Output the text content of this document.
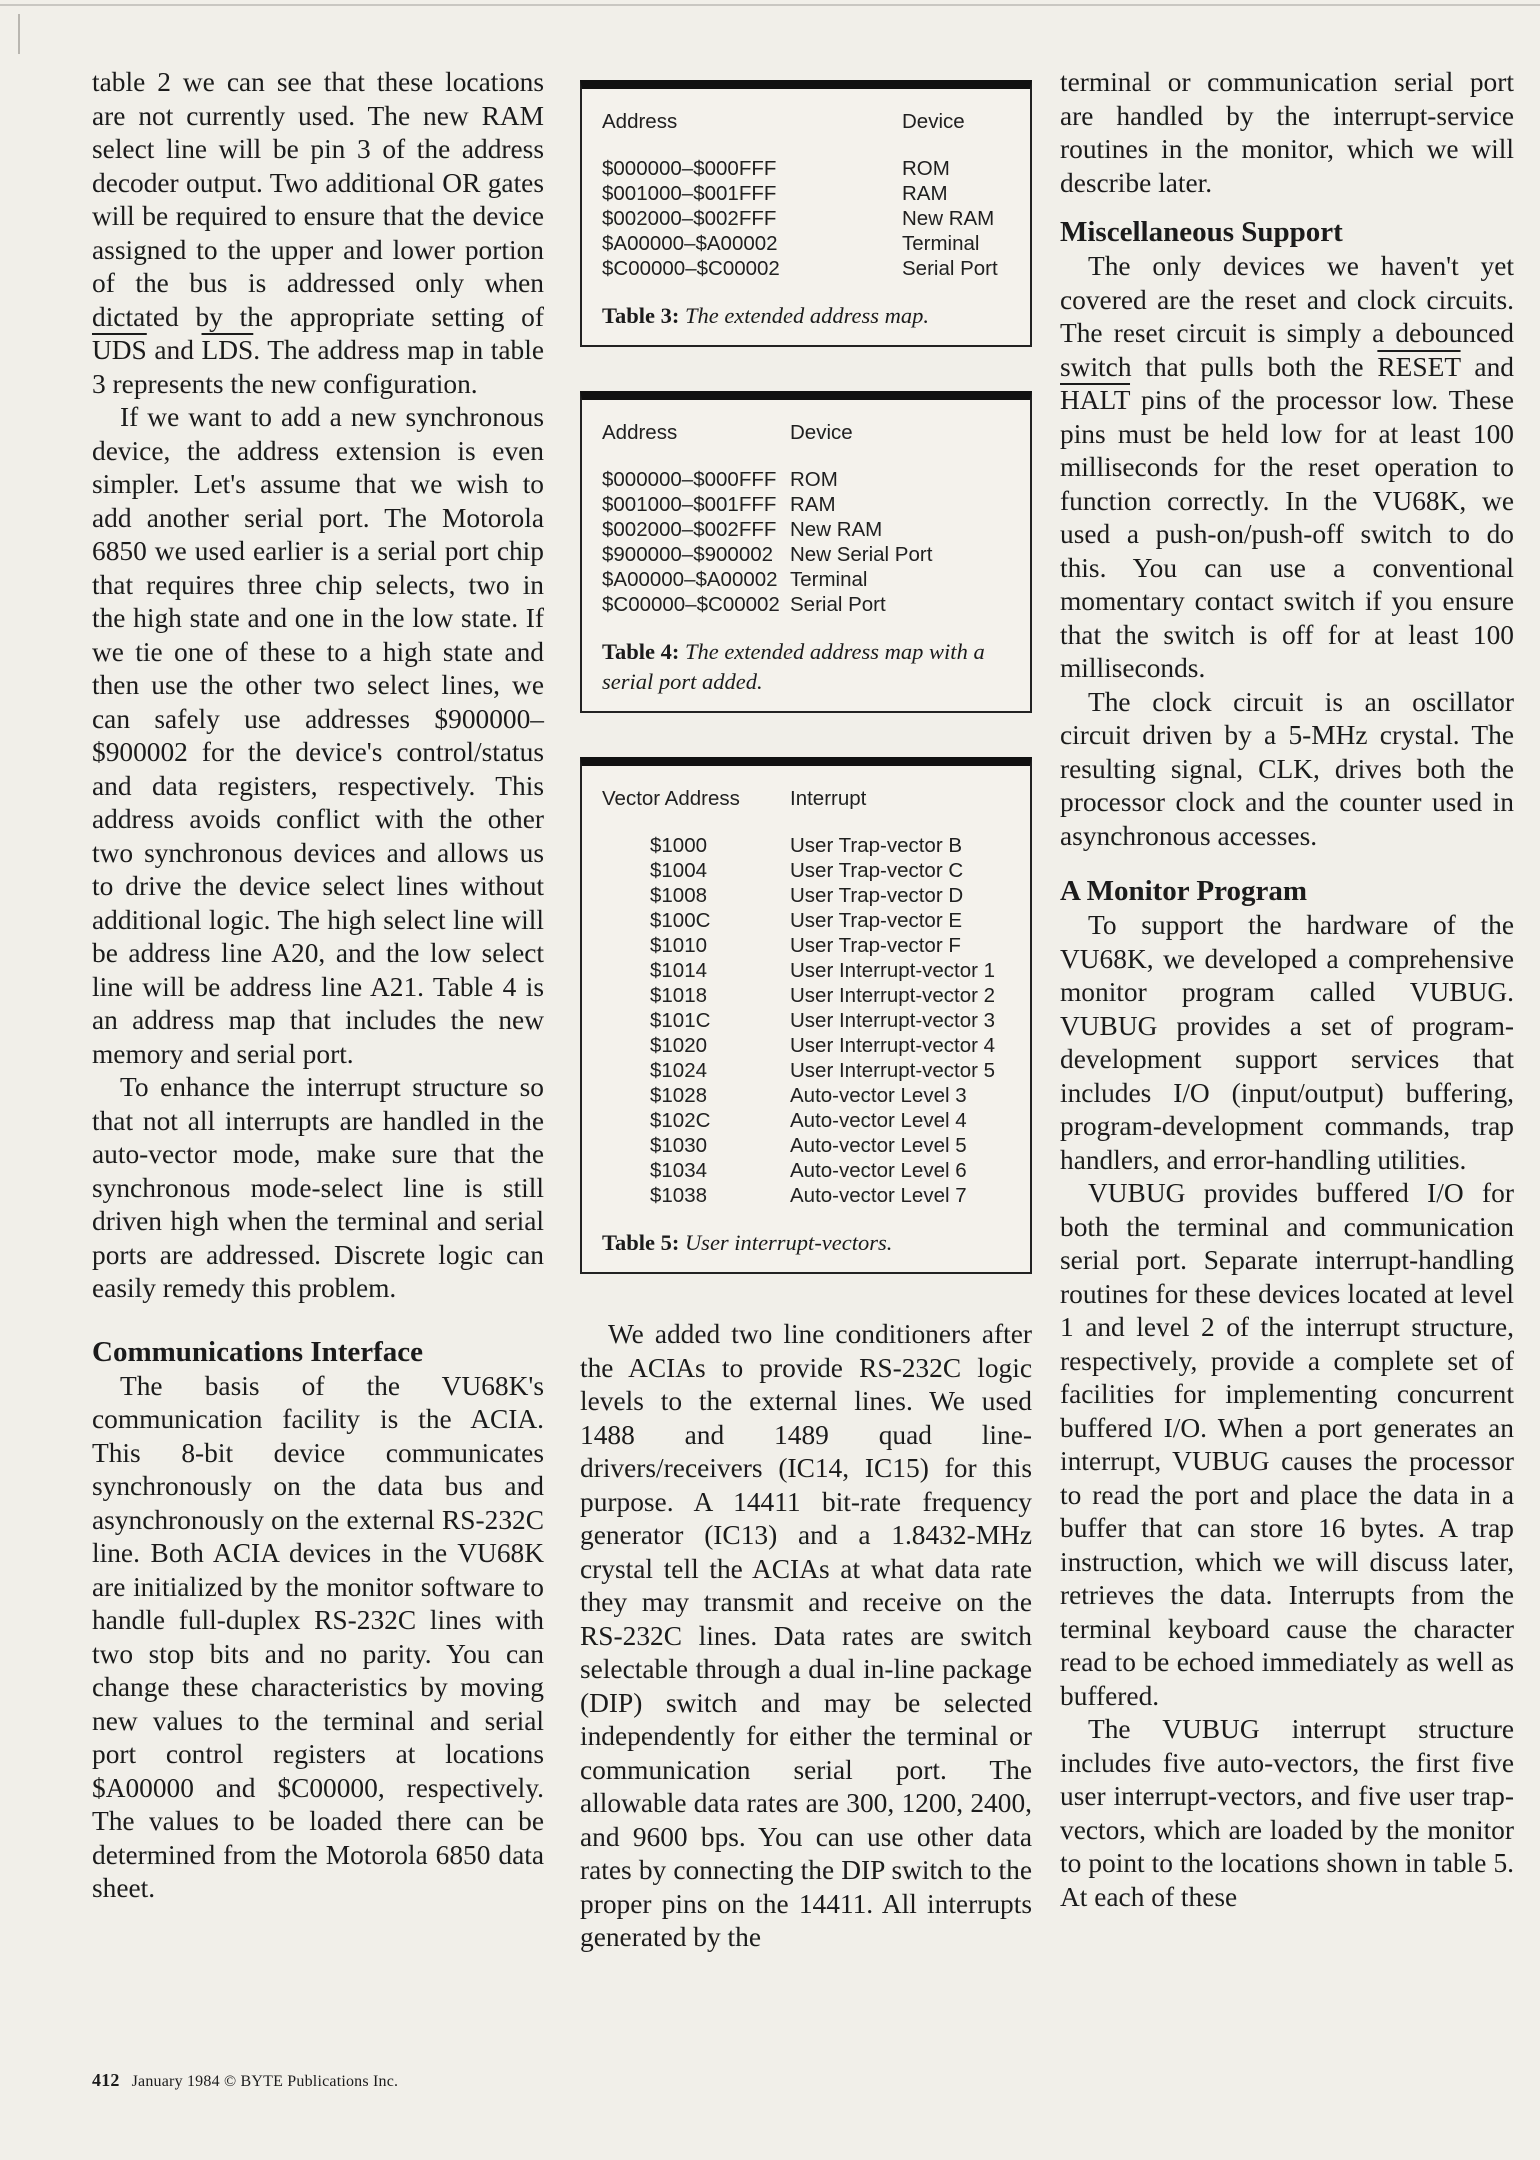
table 2 we can see that these locations are not currently used. The new RAM select line will be pin 3 of the address decoder output. Two additional OR gates will be required to ensure that the device assigned to the upper and lower portion of the bus is addressed only when dictated by the appropriate setting of $\overline{UDS}$ and $\overline{LDS}$. The address map in table 3 represents the new configuration.

If we want to add a new synchronous device, the address extension is even simpler. Let's assume that we wish to add another serial port. The Motorola 6850 we used earlier is a serial port chip that requires three chip selects, two in the high state and one in the low state. If we tie one of these to a high state and then use the other two select lines, we can safely use addresses $900000–$900002 for the device's control/status and data registers, respectively. This address avoids conflict with the other two synchronous devices and allows us to drive the device select lines without additional logic. The high select line will be address line A20, and the low select line will be address line A21. Table 4 is an address map that includes the new memory and serial port.

To enhance the interrupt structure so that not all interrupts are handled in the auto-vector mode, make sure that the synchronous mode-select line is still driven high when the terminal and serial ports are addressed. Discrete logic can easily remedy this problem.

Communications Interface

The basis of the VU68K's communication facility is the ACIA. This 8-bit device communicates synchronously on the data bus and asynchronously on the external RS-232C line. Both ACIA devices in the VU68K are initialized by the monitor software to handle full-duplex RS-232C lines with two stop bits and no parity. You can change these characteristics by moving new values to the terminal and serial port control registers at locations $A00000 and $C00000, respectively. The values to be loaded there can be determined from the Motorola 6850 data sheet.

Address	Device
$000000–$000FFF	ROM
$001000–$001FFF	RAM
$002000–$002FFF	New RAM
$A00000–$A00002	Terminal
$C00000–$C00002	Serial Port
Table 3: The extended address map.
Address	Device
$000000–$000FFF ROM
$001000–$001FFF RAM
$002000–$002FFF New RAM
$900000–$900002 New Serial Port
$A00000–$A00002 Terminal
$C00000–$C00002 Serial Port
Table 4: The extended address map with a serial port added.
Vector Address	Interrupt
$1000	User Trap-vector B
$1004	User Trap-vector C
$1008	User Trap-vector D
$100C	User Trap-vector E
$1010	User Trap-vector F
$1014	User Interrupt-vector 1
$1018	User Interrupt-vector 2
$101C	User Interrupt-vector 3
$1020	User Interrupt-vector 4
$1024	User Interrupt-vector 5
$1028	Auto-vector Level 3
$102C	Auto-vector Level 4
$1030	Auto-vector Level 5
$1034	Auto-vector Level 6
$1038	Auto-vector Level 7
Table 5: User interrupt-vectors.

We added two line conditioners after the ACIAs to provide RS-232C logic levels to the external lines. We used 1488 and 1489 quad line-drivers/receivers (IC14, IC15) for this purpose. A 14411 bit-rate frequency generator (IC13) and a 1.8432-MHz crystal tell the ACIAs at what data rate they may transmit and receive on the RS-232C lines. Data rates are switch selectable through a dual in-line package (DIP) switch and may be selected independently for either the terminal or communication serial port. The allowable data rates are 300, 1200, 2400, and 9600 bps. You can use other data rates by connecting the DIP switch to the proper pins on the 14411. All interrupts generated by the

terminal or communication serial port are handled by the interrupt-service routines in the monitor, which we will describe later.

Miscellaneous Support

The only devices we haven't yet covered are the reset and clock circuits. The reset circuit is simply a debounced switch that pulls both the RESET and HALT pins of the processor low. These pins must be held low for at least 100 milliseconds for the reset operation to function correctly. In the VU68K, we used a push-on/push-off switch to do this. You can use a conventional momentary contact switch if you ensure that the switch is off for at least 100 milliseconds.

The clock circuit is an oscillator circuit driven by a 5-MHz crystal. The resulting signal, CLK, drives both the processor clock and the counter used in asynchronous accesses.

A Monitor Program

To support the hardware of the VU68K, we developed a comprehensive monitor program called VUBUG. VUBUG provides a set of program-development support services that includes I/O (input/output) buffering, program-development commands, trap handlers, and error-handling utilities.

VUBUG provides buffered I/O for both the terminal and communication serial port. Separate interrupt-handling routines for these devices located at level 1 and level 2 of the interrupt structure, respectively, provide a complete set of facilities for implementing concurrent buffered I/O. When a port generates an interrupt, VUBUG causes the processor to read the port and place the data in a buffer that can store 16 bytes. A trap instruction, which we will discuss later, retrieves the data. Interrupts from the terminal keyboard cause the character read to be echoed immediately as well as buffered.

The VUBUG interrupt structure includes five auto-vectors, the first five user interrupt-vectors, and five user trap-vectors, which are loaded by the monitor to point to the locations shown in table 5. At each of these

412 January 1984 © BYTE Publications Inc.
